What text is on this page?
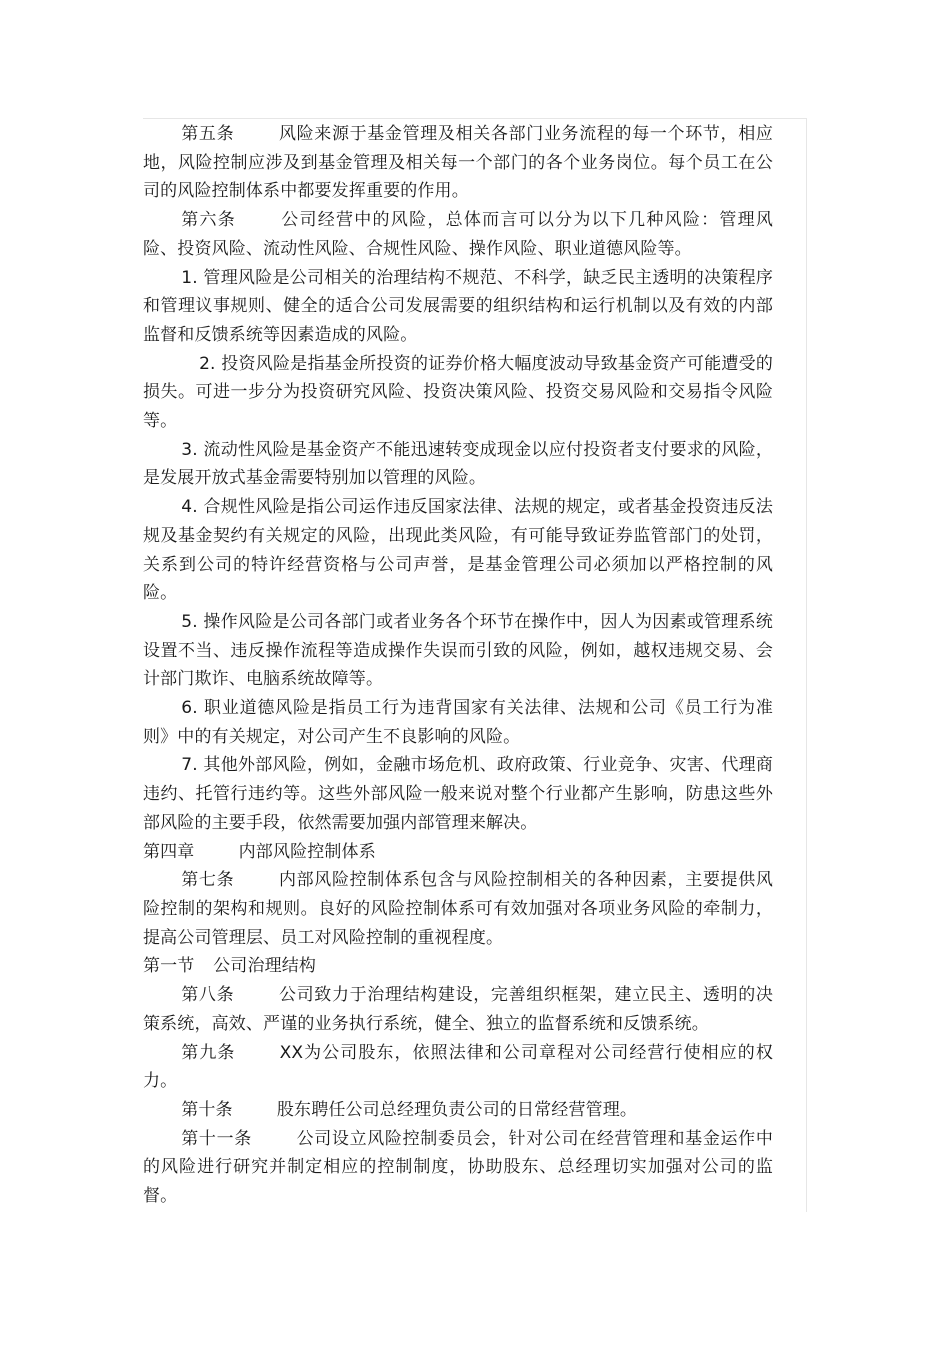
第五条	风险来源于基金管理及相关各部门业务流程的每一个环节，相应地，风险控制应涉及到基金管理及相关每一个部门的各个业务岗位。每个员工在公司的风险控制体系中都要发挥重要的作用。

第六条	公司经营中的风险，总体而言可以分为以下几种风险：管理风险、投资风险、流动性风险、合规性风险、操作风险、职业道德风险等。

1. 管理风险是公司相关的治理结构不规范、不科学，缺乏民主透明的决策程序和管理议事规则、健全的适合公司发展需要的组织结构和运行机制以及有效的内部监督和反馈系统等因素造成的风险。

2. 投资风险是指基金所投资的证券价格大幅度波动导致基金资产可能遭受的损失。可进一步分为投资研究风险、投资决策风险、投资交易风险和交易指令风险等。

3. 流动性风险是基金资产不能迅速转变成现金以应付投资者支付要求的风险，是发展开放式基金需要特别加以管理的风险。

4. 合规性风险是指公司运作违反国家法律、法规的规定，或者基金投资违反法规及基金契约有关规定的风险，出现此类风险，有可能导致证券监管部门的处罚，关系到公司的特许经营资格与公司声誉，是基金管理公司必须加以严格控制的风险。

5. 操作风险是公司各部门或者业务各个环节在操作中，因人为因素或管理系统设置不当、违反操作流程等造成操作失误而引致的风险，例如，越权违规交易、会计部门欺诈、电脑系统故障等。

6. 职业道德风险是指员工行为违背国家有关法律、法规和公司《员工行为准则》中的有关规定，对公司产生不良影响的风险。

7. 其他外部风险，例如，金融市场危机、政府政策、行业竞争、灾害、代理商违约、托管行违约等。这些外部风险一般来说对整个行业都产生影响，防患这些外部风险的主要手段，依然需要加强内部管理来解决。

第四章	内部风险控制体系

第七条	内部风险控制体系包含与风险控制相关的各种因素，主要提供风险控制的架构和规则。良好的风险控制体系可有效加强对各项业务风险的牵制力，提高公司管理层、员工对风险控制的重视程度。

第一节 公司治理结构

第八条	公司致力于治理结构建设，完善组织框架，建立民主、透明的决策系统，高效、严谨的业务执行系统，健全、独立的监督系统和反馈系统。

第九条	XX为公司股东，依照法律和公司章程对公司经营行使相应的权力。

第十条	股东聘任公司总经理负责公司的日常经营管理。

第十一条	公司设立风险控制委员会，针对公司在经营管理和基金运作中的风险进行研究并制定相应的控制制度，协助股东、总经理切实加强对公司的监督。
